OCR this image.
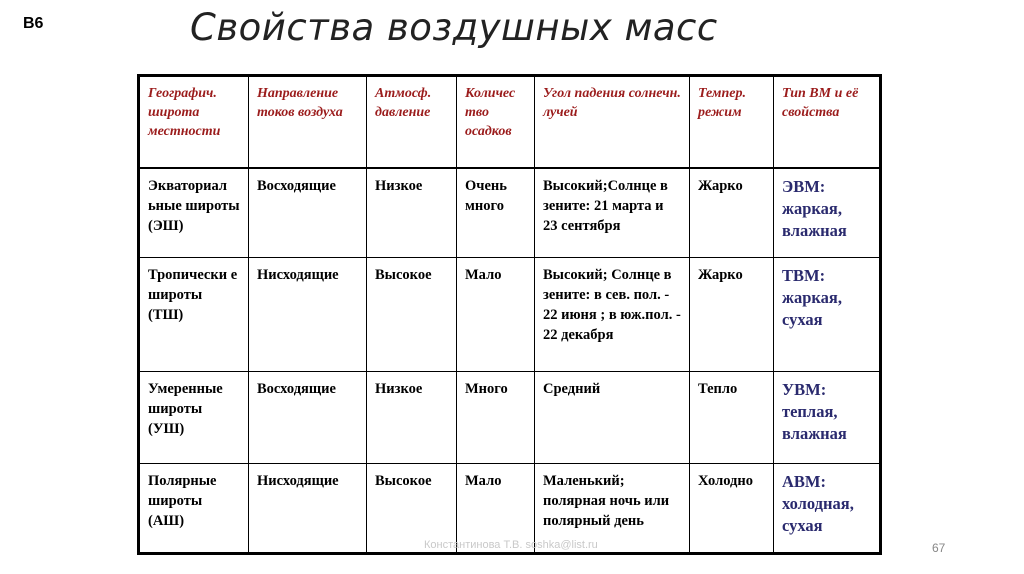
В6	Свойства воздушных масс
Географич. широта местности	Направление токов воздуха	Атмосф. давление	Количес тво осадков	Угол падения солнечн. лучей	Темпер. режим	Тип ВМ и её свойства
Экваториал ьные широты (ЭШ)	Восходящие	Низкое	Очень много	Высокий;Солнце в зените: 21 марта и 23 сентября	Жарко	ЭВМ: жаркая, влажная
Тропически е широты (ТШ)	Нисходящие	Высокое	Мало	Высокий; Солнце в зените: в сев. пол. - 22 июня ; в юж.пол. - 22 декабря	Жарко	ТВМ: жаркая, сухая
Умеренные широты (УШ)	Восходящие	Низкое	Много	Средний	Тепло	УВМ: теплая, влажная
Полярные широты (АШ)	Нисходящие	Высокое	Мало	Маленький; полярная ночь или полярный день	Холодно	АВМ: холодная, сухая
Константинова Т.В. soshka@list.ru	67
